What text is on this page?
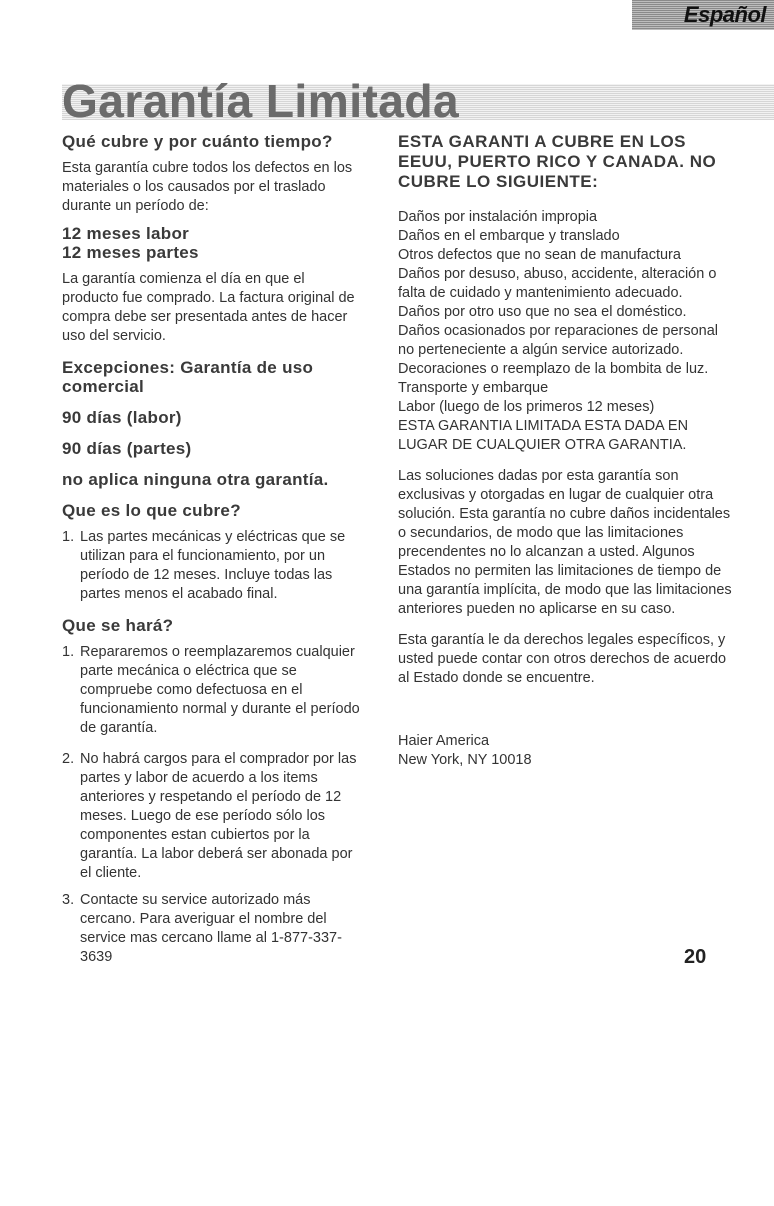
Español
Garantía Limitada
Qué cubre y por cuánto tiempo?

Esta garantía cubre todos los defectos en los materiales o los causados por el traslado durante un período de:

12 meses labor
12 meses partes

La garantía comienza el día en que el producto fue comprado. La factura original de compra debe ser presentada antes de hacer uso del servicio.

Excepciones: Garantía de uso comercial
90 días (labor)
90 días (partes)
no aplica ninguna otra garantía.
Que es lo que cubre?
1. Las partes mecánicas y eléctricas que se utilizan para el funcionamiento, por un período de 12 meses. Incluye todas las partes menos el acabado final.
Que se hará?
1. Repararemos o reemplazaremos cualquier parte mecánica o eléctrica que se compruebe como defectuosa en el funcionamiento normal y durante el período de garantía.
2. No habrá cargos para el comprador por las partes y labor de acuerdo a los items anteriores y respetando el período de 12 meses. Luego de ese período sólo los componentes estan cubiertos por la garantía. La labor deberá ser abonada por el cliente.
3. Contacte su service autorizado más cercano. Para averiguar el nombre del service mas cercano llame al 1-877-337-3639
ESTA GARANTI A CUBRE EN LOS EEUU, PUERTO RICO Y CANADA. NO CUBRE LO SIGUIENTE:

Daños por instalación impropia

Daños en el embarque y translado

Otros defectos que no sean de manufactura

Daños por desuso, abuso, accidente, alteración o falta de cuidado y mantenimiento adecuado.

Daños por otro uso que no sea el doméstico.

Daños ocasionados por reparaciones de personal no perteneciente a algún service autorizado.

Decoraciones o reemplazo de la bombita de luz.

Transporte y embarque

Labor (luego de los primeros 12 meses)

ESTA GARANTIA LIMITADA ESTA DADA EN LUGAR DE CUALQUIER OTRA GARANTIA.

Las soluciones dadas por esta garantía son exclusivas y otorgadas en lugar de cualquier otra solución. Esta garantía no cubre daños incidentales o secundarios, de modo que las limitaciones precendentes no lo alcanzan a usted. Algunos Estados no permiten las limitaciones de tiempo de una garantía implícita, de modo que las limitaciones anteriores pueden no aplicarse en su caso.

Esta garantía le da derechos legales específicos, y usted puede contar con otros derechos de acuerdo al Estado donde se encuentre.

Haier America

New York, NY 10018

20
